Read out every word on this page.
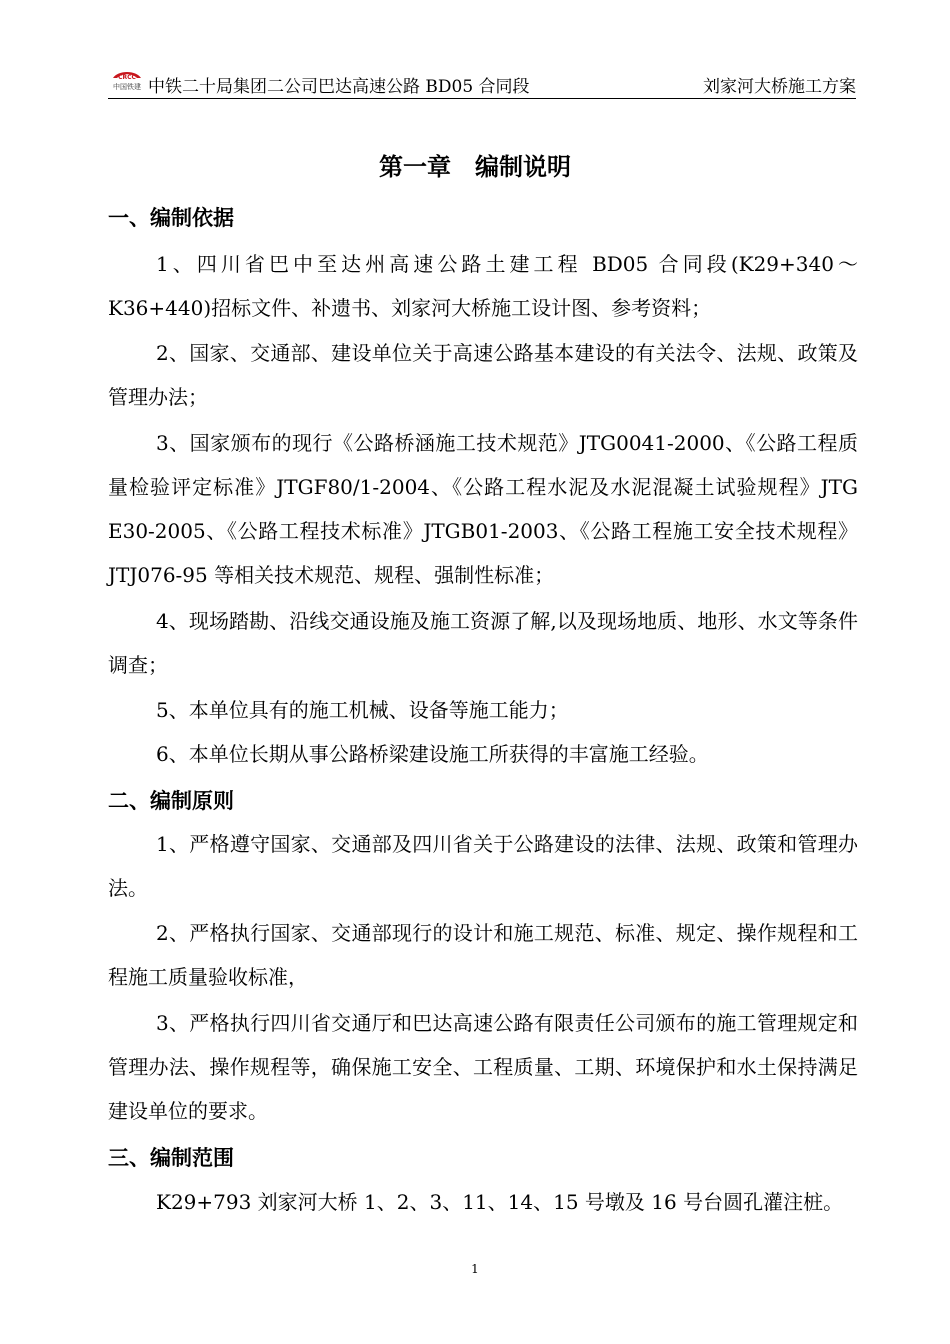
CRCC
中国铁建 中铁二十局集团二公司巴达高速公路 BD05 合同段	刘家河大桥施工方案
第一章　编制说明
一、编制依据
1、四川省巴中至达州高速公路土建工程 BD05 合同段(K29+340～K36+440)招标文件、补遗书、刘家河大桥施工设计图、参考资料；
2、国家、交通部、建设单位关于高速公路基本建设的有关法令、法规、政策及管理办法；
3、国家颁布的现行《公路桥涵施工技术规范》JTG0041-2000、《公路工程质量检验评定标准》JTGF80/1-2004、《公路工程水泥及水泥混凝土试验规程》JTG E30-2005、《公路工程技术标准》JTGB01-2003、《公路工程施工安全技术规程》JTJ076-95 等相关技术规范、规程、强制性标准；
4、现场踏勘、沿线交通设施及施工资源了解,以及现场地质、地形、水文等条件调查；
5、本单位具有的施工机械、设备等施工能力；
6、本单位长期从事公路桥梁建设施工所获得的丰富施工经验。
二、编制原则
1、严格遵守国家、交通部及四川省关于公路建设的法律、法规、政策和管理办法。
2、严格执行国家、交通部现行的设计和施工规范、标准、规定、操作规程和工程施工质量验收标准，
3、严格执行四川省交通厅和巴达高速公路有限责任公司颁布的施工管理规定和管理办法、操作规程等，确保施工安全、工程质量、工期、环境保护和水土保持满足建设单位的要求。
三、编制范围
K29+793 刘家河大桥 1、2、3、11、14、15 号墩及 16 号台圆孔灌注桩。
1
